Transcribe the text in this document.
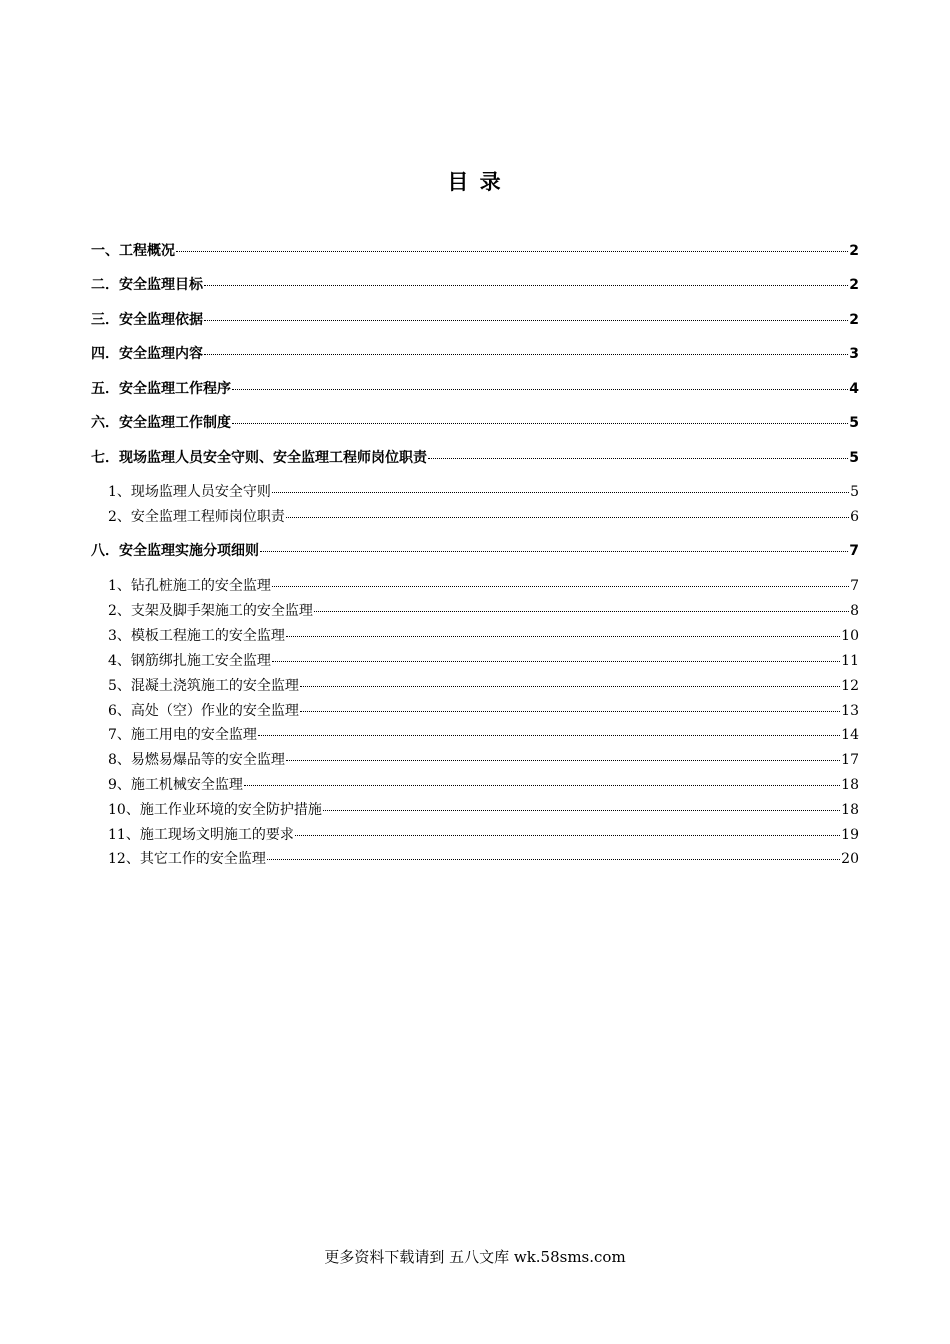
目 录
一、工程概况	2
二．安全监理目标	2
三．安全监理依据	2
四．安全监理内容	3
五．安全监理工作程序	4
六．安全监理工作制度	5
七．现场监理人员安全守则、安全监理工程师岗位职责	5
1、现场监理人员安全守则	5
2、安全监理工程师岗位职责	6
八．安全监理实施分项细则	7
1、钻孔桩施工的安全监理	7
2、支架及脚手架施工的安全监理	8
3、模板工程施工的安全监理	10
4、钢筋绑扎施工安全监理	11
5、混凝土浇筑施工的安全监理	12
6、高处（空）作业的安全监理	13
7、施工用电的安全监理	14
8、易燃易爆品等的安全监理	17
9、施工机械安全监理	18
10、施工作业环境的安全防护措施	18
11、施工现场文明施工的要求	19
12、其它工作的安全监理	20
更多资料下载请到 五八文库 wk.58sms.com
